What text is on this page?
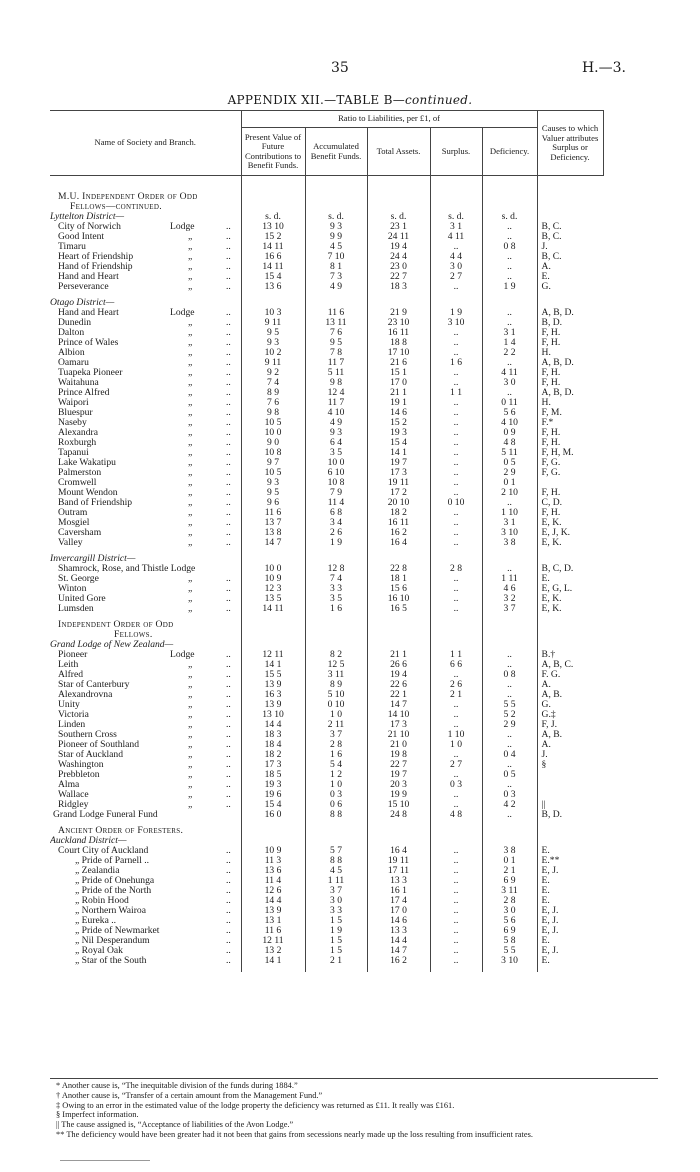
35	H.—3.
APPENDIX XII.—TABLE B—continued.
Name of Society and Branch.	Ratio to Liabilities, per £1, of					Causes to which Valuer attributes Surplus or Deficiency.
	Present Value of Future Contributions to Benefit Funds.	Accumulated Benefit Funds.	Total Assets.	Surplus.	Deficiency.	
M.U. Independent Order of Odd						
Fellows—continued.						
Lyttelton District—	s. d.	s. d.	s. d.	s. d.	s. d.	
City of Norwich Lodge ..	13 10	9 3	23 1	3 1	..	B, C.
Good Intent „ ..	15 2	9 9	24 11	4 11	..	B, C.
Timaru „ ..	14 11	4 5	19 4	..	0 8	J.
Heart of Friendship „ ..	16 6	7 10	24 4	4 4	..	B, C.
Hand of Friendship „ ..	14 11	8 1	23 0	3 0	..	A.
Hand and Heart „ ..	15 4	7 3	22 7	2 7	..	E.
Perseverance „ ..	13 6	4 9	18 3	..	1 9	G.
Otago District—						
Hand and Heart Lodge ..	10 3	11 6	21 9	1 9	..	A, B, D.
Dunedin „ ..	9 11	13 11	23 10	3 10	..	B, D.
Dalton „ ..	9 5	7 6	16 11	..	3 1	F, H.
Prince of Wales „ ..	9 3	9 5	18 8	..	1 4	F, H.
Albion „ ..	10 2	7 8	17 10	..	2 2	H.
Oamaru „ ..	9 11	11 7	21 6	1 6	..	A, B, D.
Tuapeka Pioneer „ ..	9 2	5 11	15 1	..	4 11	F, H.
Waitahuna „ ..	7 4	9 8	17 0	..	3 0	F, H.
Prince Alfred „ ..	8 9	12 4	21 1	1 1	..	A, B, D.
Waipori „ ..	7 6	11 7	19 1	..	0 11	H.
Bluespur „ ..	9 8	4 10	14 6	..	5 6	F, M.
Naseby „ ..	10 5	4 9	15 2	..	4 10	F.*
Alexandra „ ..	10 0	9 3	19 3	..	0 9	F, H.
Roxburgh „ ..	9 0	6 4	15 4	..	4 8	F, H.
Tapanui „ ..	10 8	3 5	14 1	..	5 11	F, H, M.
Lake Wakatipu „ ..	9 7	10 0	19 7	..	0 5	F, G.
Palmerston „ ..	10 5	6 10	17 3	..	2 9	F, G.
Cromwell „ ..	9 3	10 8	19 11	..	0 1	
Mount Wendon „ ..	9 5	7 9	17 2	..	2 10	F, H.
Band of Friendship „ ..	9 6	11 4	20 10	0 10	..	C, D.
Outram „ ..	11 6	6 8	18 2	..	1 10	F, H.
Mosgiel „ ..	13 7	3 4	16 11	..	3 1	E, K.
Caversham „ ..	13 8	2 6	16 2	..	3 10	E, J, K.
Valley „ ..	14 7	1 9	16 4	..	3 8	E, K.
Invercargill District—						
Shamrock, Rose, and Thistle Lodge	10 0	12 8	22 8	2 8	..	B, C, D.
St. George „ ..	10 9	7 4	18 1	..	1 11	E.
Winton „ ..	12 3	3 3	15 6	..	4 6	E, G, L.
United Gore „ ..	13 5	3 5	16 10	..	3 2	E, K.
Lumsden „ ..	14 11	1 6	16 5	..	3 7	E, K.
Independent Order of Odd						
Fellows.						
Grand Lodge of New Zealand—						
Pioneer Lodge ..	12 11	8 2	21 1	1 1	..	B.†
Leith „ ..	14 1	12 5	26 6	6 6	..	A, B, C.
Alfred „ ..	15 5	3 11	19 4	..	0 8	F. G.
Star of Canterbury „ ..	13 9	8 9	22 6	2 6	..	A.
Alexandrovna „ ..	16 3	5 10	22 1	2 1	..	A, B.
Unity „ ..	13 9	0 10	14 7	..	5 5	G.
Victoria „ ..	13 10	1 0	14 10	..	5 2	G.‡
Linden „ ..	14 4	2 11	17 3	..	2 9	F, J.
Southern Cross „ ..	18 3	3 7	21 10	1 10	..	A, B.
Pioneer of Southland „ ..	18 4	2 8	21 0	1 0	..	A.
Star of Auckland „ ..	18 2	1 6	19 8	..	0 4	J.
Washington „ ..	17 3	5 4	22 7	2 7	..	§
Prebbleton „ ..	18 5	1 2	19 7	..	0 5	
Alma „ ..	19 3	1 0	20 3	0 3	..	
Wallace „ ..	19 6	0 3	19 9	..	0 3	
Ridgley „ ..	15 4	0 6	15 10	..	4 2	||
Grand Lodge Funeral Fund	16 0	8 8	24 8	4 8	..	B, D.
Ancient Order of Foresters.						
Auckland District—						
Court City of Auckland ..	10 9	5 7	16 4	..	3 8	E.
„ Pride of Parnell .. ..	11 3	8 8	19 11	..	0 1	E.**
„ Zealandia ..	13 6	4 5	17 11	..	2 1	E, J.
„ Pride of Onehunga ..	11 4	1 11	13 3	..	6 9	E.
„ Pride of the North ..	12 6	3 7	16 1	..	3 11	E.
„ Robin Hood ..	14 4	3 0	17 4	..	2 8	E.
„ Northern Wairoa ..	13 9	3 3	17 0	..	3 0	E, J.
„ Eureka .. ..	13 1	1 5	14 6	..	5 6	E, J.
„ Pride of Newmarket ..	11 6	1 9	13 3	..	6 9	E, J.
„ Nil Desperandum ..	12 11	1 5	14 4	..	5 8	E.
„ Royal Oak ..	13 2	1 5	14 7	..	5 5	E, J.
„ Star of the South ..	14 1	2 1	16 2	..	3 10	E.

* Another cause is, “The inequitable division of the funds during 1884.”

† Another cause is, “Transfer of a certain amount from the Management Fund.”

‡ Owing to an error in the estimated value of the lodge property the deficiency was returned as £11. It really was £161.

§ Imperfect information.

|| The cause assigned is, “Acceptance of liabilities of the Avon Lodge.”

** The deficiency would have been greater had it not been that gains from secessions nearly made up the loss resulting from insufficient rates.
